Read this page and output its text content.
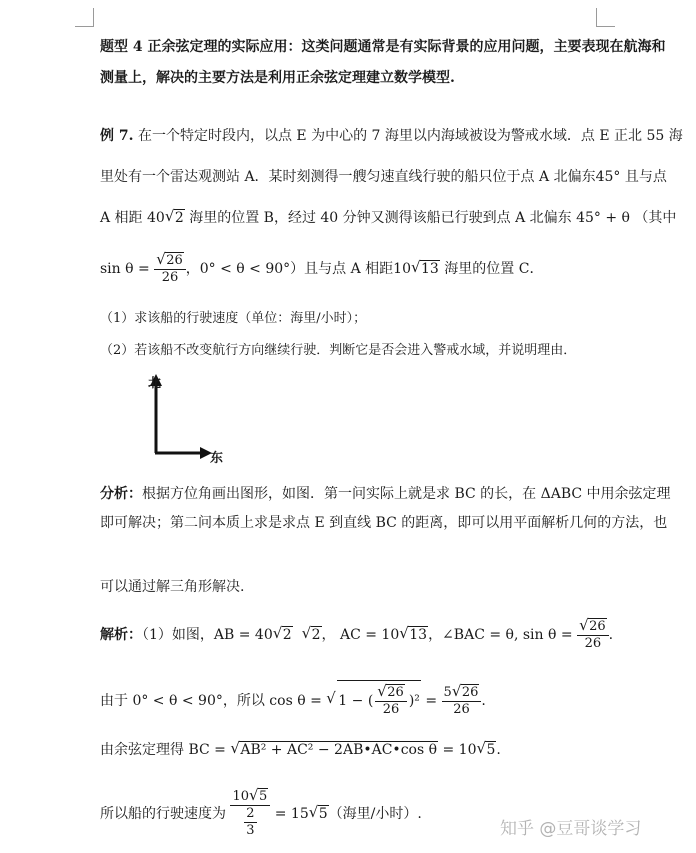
题型 4 正余弦定理的实际应用：这类问题通常是有实际背景的应用问题，主要表现在航海和
测量上，解决的主要方法是利用正余弦定理建立数学模型.
例 7. 在一个特定时段内，以点 E 为中心的 7 海里以内海域被设为警戒水域．点 E 正北 55 海
里处有一个雷达观测站 A．某时刻测得一艘匀速直线行驶的船只位于点 A 北偏东45° 且与点
A 相距 40 √ 2 海里的位置 B，经过 40 分钟又测得该船已行驶到点 A 北偏东 45° + θ （其中
sin θ = √ $\frac{26}{26}$ ，0° < θ < 90°）且与点 A 相距10 √ 13 海里的位置 C．
（1）求该船的行驶速度（单位：海里/小时）；
（2）若该船不改变航行方向继续行驶．判断它是否会进入警戒水域，并说明理由．
北
东
分析：根据方位角画出图形，如图．第一问实际上就是求 BC 的长，在 ΔABC 中用余弦定理
即可解决；第二问本质上求是求点 E 到直线 BC 的距离，即可以用平面解析几何的方法，也
可以通过解三角形解决.
解析：（1）如图，AB = 40 √ 2 √ 2， AC = 10 √ 13，∠BAC = θ, sin θ = √ $\frac{26}{26}$ .
由于 0° < θ < 90°，所以 cos θ = √ 1 − ( √ $\frac{26}{26} )^2 = \frac{5 √ 26}{26}$ .
由余弦定理得 BC = √ AB² + AC² − 2AB•AC•cos θ = 10 √ 5.
所以船的行驶速度为 10 √ 5
2
3 = 15 √ 5（海里/小时）.
知乎 @豆哥谈学习
